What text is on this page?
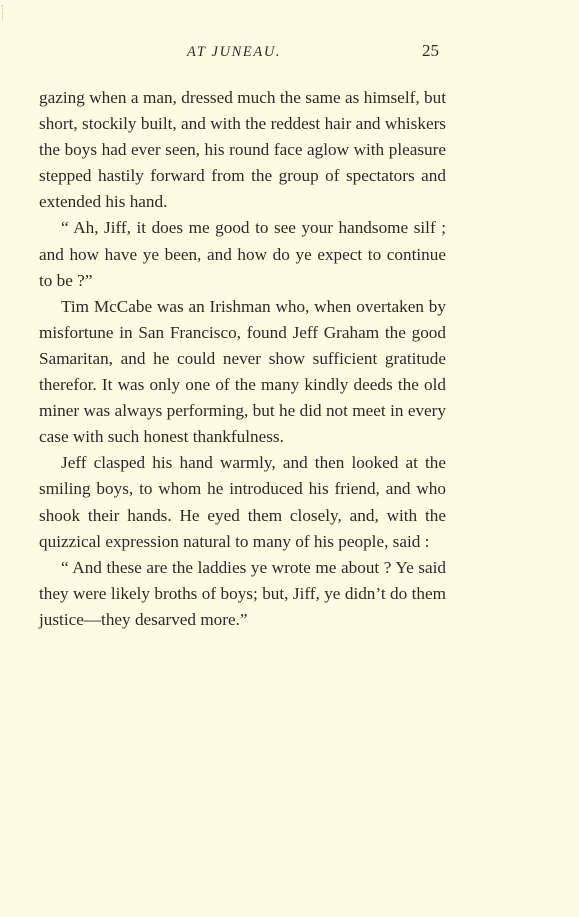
AT JUNEAU.	25

gazing when a man, dressed much the same as himself, but short, stockily built, and with the reddest hair and whiskers the boys had ever seen, his round face aglow with pleasure stepped hastily forward from the group of spectators and extended his hand.

“ Ah, Jiff, it does me good to see your handsome silf ; and how have ye been, and how do ye expect to continue to be ?”

Tim McCabe was an Irishman who, when overtaken by misfortune in San Francisco, found Jeff Graham the good Samaritan, and he could never show sufficient gratitude therefor. It was only one of the many kindly deeds the old miner was always performing, but he did not meet in every case with such honest thankfulness.

Jeff clasped his hand warmly, and then looked at the smiling boys, to whom he introduced his friend, and who shook their hands. He eyed them closely, and, with the quizzical expression natural to many of his people, said :

“ And these are the laddies ye wrote me about ? Ye said they were likely broths of boys; but, Jiff, ye didn’t do them justice—they desarved more.”
